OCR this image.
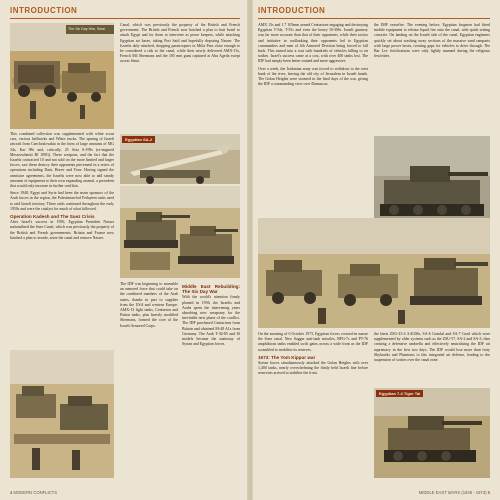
INTRODUCTION
The Six Day War, Sinai

This combined collection was supplemented with white scout cars, various halftracks and White trucks. The sparing of Israeli aircraft from Czechoslovakia in the form of large amounts of MG 34s, Kar 98s and, critically, 25 Avia S-199s (re-engined Messerschmitt Bf 109G). These weapons, and the fact that the Israelis contracted 10 and not sold on the more limited and larger forces, saw them destroy their opponents piecemeal in a series of operations including Dani, Horev and Yoav. Having signed the armistice agreements, the Israelis were now able to add steady amounts of equipment to their own expanding arsenal, a precedent that would only increase in further conflicts.

Since 1948, Egypt and Syria had been the main sponsors of the Arab forces in the region, the Palestinian-led Fedayeen units used to raid Israeli territory. These raids continued throughout the early 1950s and were the catalyst for much of what followed.

Operation Kadesh and The Suez Crisis

After Israel's success in 1956, Egyptian President Nasser nationalised the Suez Canal, which was previously the property of the British and French governments. Britain and France now hatched a plan to invade, seize the canal and remove Nasser.

Canal, which was previously the property of the British and French government. The British and French now hatched a plan to bait Israel to attack Egypt and for them to intervene as peace keepers, while attacking Egyptian air bases, taking Port Said and hopefully deposing Nasser. The Israelis duly attacked, dropping paratroopers in Mitla Pass close enough to be considered a risk to the canal, while their newly delivered AMX-13s, French M4 Shermans and the 105 mm guns captured at Abu Ageila swept across Sinai.

Egyptian SA-2

The IDF was beginning to assemble an armored force that could take on the combined numbers of the Arab states, thanks in part to supplies from the USA and western Europe. AMX-13 light tanks, Centurion and Patton tanks, plus heavily modified Shermans, formed the core of the Israeli Armored Corps.

Middle East Rebuilding: The Six Day War

With the world's attention firmly planted in 1956, the Israelis and Arabs spent the intervening years absorbing new weaponry for the inevitable next phase of the conflict. The IDF purchased Centurions from Britain and obtained M-48 A1s from Germany. The Arab T-34-85 and IS models became the mainstay of Syrian and Egyptian forces.

4 MODERN CONFLICTS
INTRODUCTION

AMX 13s and 1.7 105mm armed Centurions engaging and destroying Egyptian T-34s, T-55s and even the heavy IS-3Ms. Israeli gunnery was far more accurate than that of their opponents, while their tactics and initiative in outflanking their opponents led to Egyptian commanders and men of 4th Armored Division being forced to fall back. This turned into a rout with hundreds of vehicles falling to air strikes. Israel's success came at a cost, with over 400 tanks lost. The IDF had simply been better trained and more aggressive.

Over a week, the Jordanian army was forced to withdraw to the west bank of the river, leaving the old city of Jerusalem in Israeli hands. The Golan Heights were stormed in the final days of the war, giving the IDF a commanding view over Damascus.

the IMF ceasefire. The evening before, Egyptian frogmen had fitted mobile equipment to release liquid fire onto the canal, with quick setting concrete. On landing on the Israeli side of the canal, Egyptian engineers quickly set about washing away sections of the massive sand ramparts with large power hoses, creating gaps for vehicles to drive through. The Bar Lev fortifications were only lightly manned during the religious festivities.

On the morning of 6 October 1973, Egyptian forces crossed en masse the Suez canal. New Sagger anti-tank missiles, RPG-7s and PT-76 amphibious tanks enabled swift gains across a wide front as the IDF scrambled to mobilise its reserves.

1973: The Yom Kippur war

Syrian forces simultaneously attacked the Golan Heights with over 1,400 tanks, nearly overwhelming the thinly held Israeli line before reservists arrived to stabilise the front.

the latest ZSU-23-4 AAGMs, SA-6 Gainful and SA-7 Grail which were supplemented by older systems such as the ZSU-57, SA-2 and SA-3, thus creating a defensive umbrella and effectively neutralising the IDF air supremacy in the first two days. The IDF would lose more than forty Skyhawks and Phantoms to this integrated air defence, leading to the suspension of sorties over the canal zone.

Egyptian 7-4 Tiger Tai
MIDDLE EAST WARS (1948 - 1973) 5
